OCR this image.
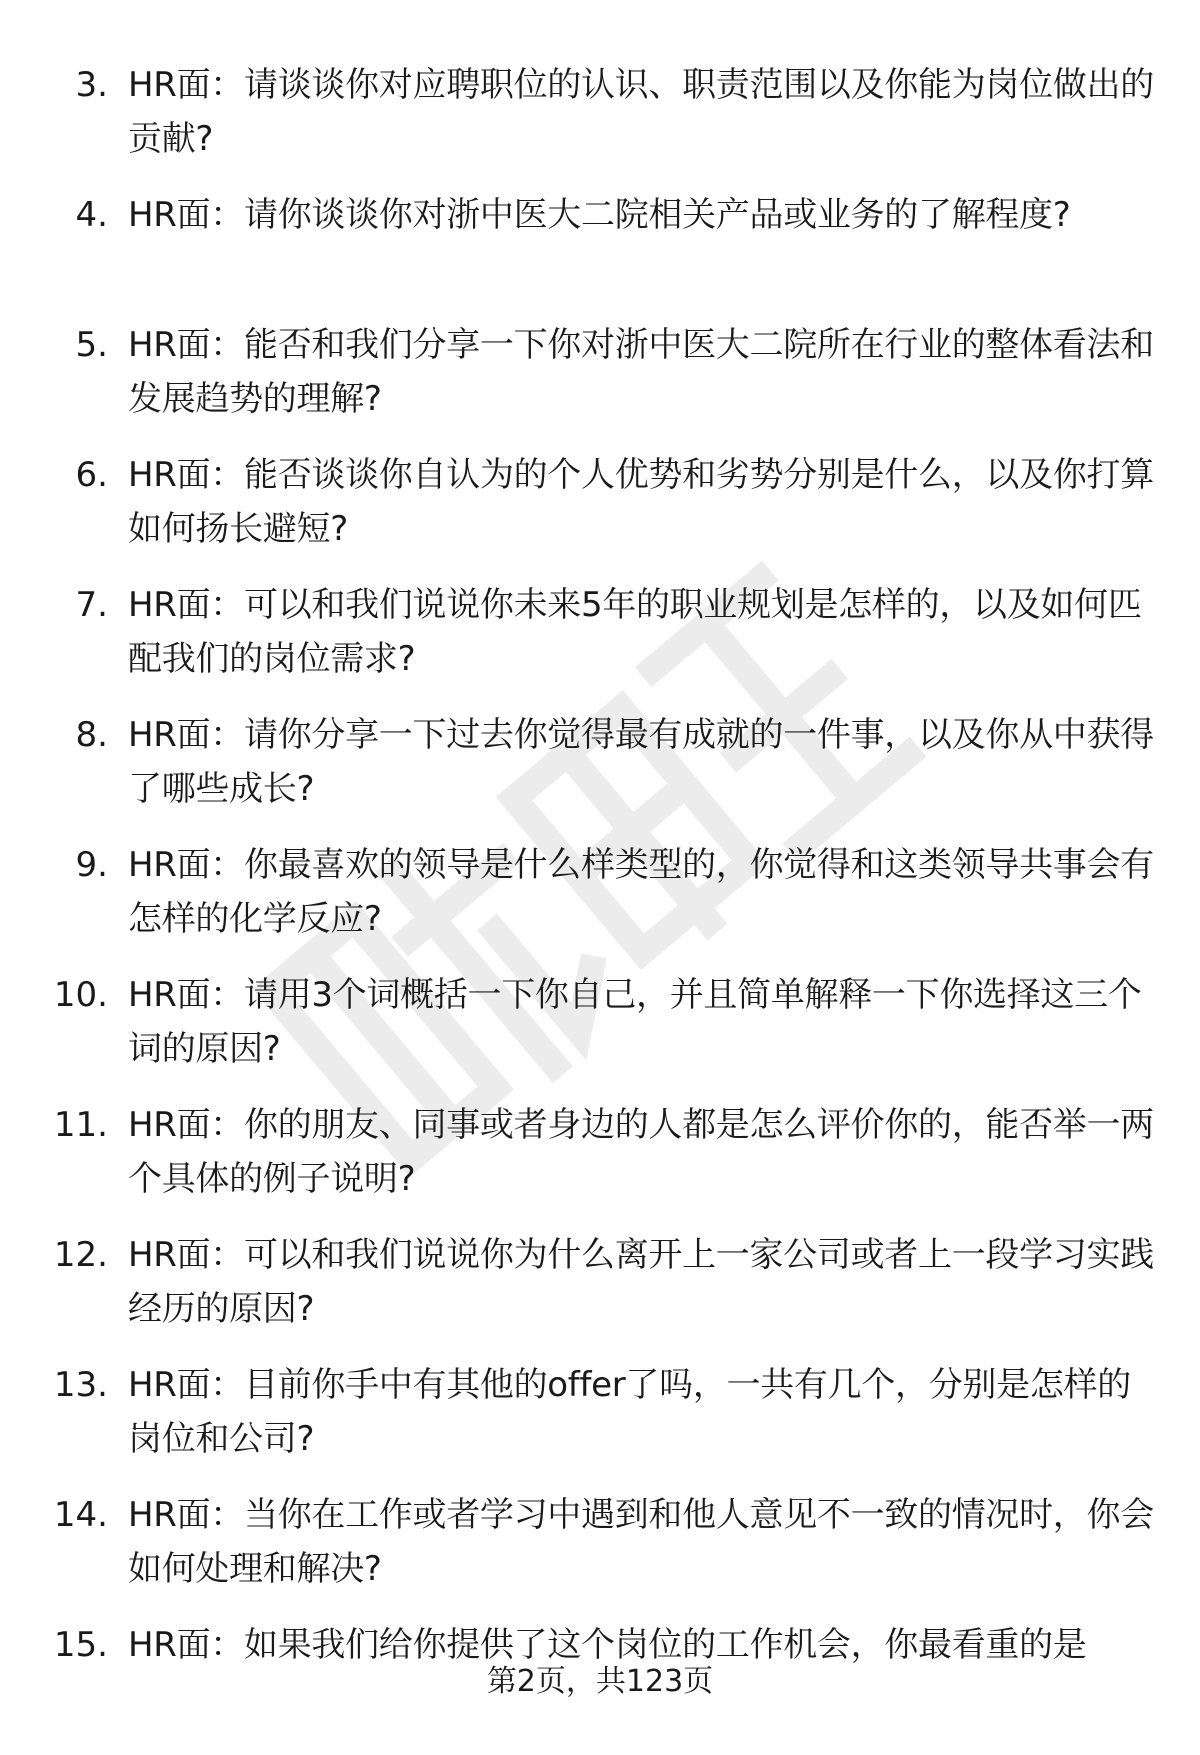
3. HR面：请谈谈你对应聘职位的认识、职责范围以及你能为岗位做出的贡献?
4. HR面：请你谈谈你对浙中医大二院相关产品或业务的了解程度?
5. HR面：能否和我们分享一下你对浙中医大二院所在行业的整体看法和发展趋势的理解?
6. HR面：能否谈谈你自认为的个人优势和劣势分别是什么，以及你打算如何扬长避短?
7. HR面：可以和我们说说你未来5年的职业规划是怎样的，以及如何匹配我们的岗位需求?
8. HR面：请你分享一下过去你觉得最有成就的一件事，以及你从中获得了哪些成长?
9. HR面：你最喜欢的领导是什么样类型的，你觉得和这类领导共事会有怎样的化学反应?
10. HR面：请用3个词概括一下你自己，并且简单解释一下你选择这三个词的原因?
11. HR面：你的朋友、同事或者身边的人都是怎么评价你的，能否举一两个具体的例子说明?
12. HR面：可以和我们说说你为什么离开上一家公司或者上一段学习实践经历的原因?
13. HR面：目前你手中有其他的offer了吗，一共有几个，分别是怎样的岗位和公司?
14. HR面：当你在工作或者学习中遇到和他人意见不一致的情况时，你会如何处理和解决?
15. HR面：如果我们给你提供了这个岗位的工作机会，你最看重的是
第2页，共123页
